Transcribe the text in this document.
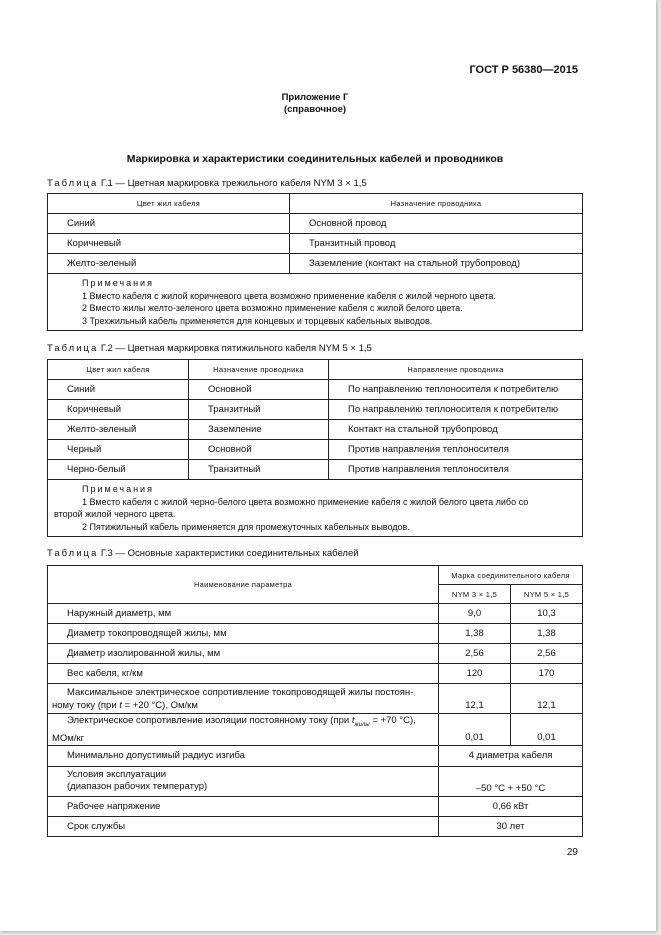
ГОСТ Р 56380—2015
Приложение Г
(справочное)
Маркировка и характеристики соединительных кабелей и проводников
Таблица Г.1 — Цветная маркировка трежильного кабеля NYM 3 × 1,5
Цвет жил кабеля	Назначение проводника
Синий	Основной провод
Коричневый	Транзитный провод
Желто-зеленый	Заземление (контакт на стальной трубопровод)

Примечания
1 Вместо кабеля с жилой коричневого цвета возможно применение кабеля с жилой черного цвета.
2 Вместо жилы желто-зеленого цвета возможно применение кабеля с жилой белого цвета.
3 Трехжильный кабель применяется для концевых и торцевых кабельных выводов.	
Таблица Г.2 — Цветная маркировка пятижильного кабеля NYM 5 × 1,5
Цвет жил кабеля	Назначение проводника	Направление проводника
Синий	Основной	По направлению теплоносителя к потребителю
Коричневый	Транзитный	По направлению теплоносителя к потребителю
Желто-зеленый	Заземление	Контакт на стальной трубопровод
Черный	Основной	Против направления теплоносителя
Черно-белый	Транзитный	Против направления теплоносителя

Примечания
1 Вместо кабеля с жилой черно-белого цвета возможно применение кабеля с жилой белого цвета либо со
второй жилой черного цвета.
2 Пятижильный кабель применяется для промежуточных кабельных выводов.		
Таблица Г.3 — Основные характеристики соединительных кабелей
Наименование параметра	Марка соединительного кабеля	
	NYM 3 × 1,5	NYM 5 × 1,5
Наружный диаметр, мм	9,0	10,3
Диаметр токопроводящей жилы, мм	1,38	1,38
Диаметр изолированной жилы, мм	2,56	2,56
Вес кабеля, кг/км	120	170

Максимальное электрическое сопротивление токопроводящей жилы постоян-
ному току (при t = +20 °С), Ом/км	12,1	12,1

Электрическое сопротивление изоляции постоянному току (при $t_{жилы} = +70$ °С),
МОм/кг	0,01	0,01
Минимально допустимый радиус изгиба	4 диаметра кабеля	

Условия эксплуатации
(диапазон рабочих температур)	–50 °С + +50 °С	
Рабочее напряжение	0,66 кВт	
Срок службы	30 лет	
29
